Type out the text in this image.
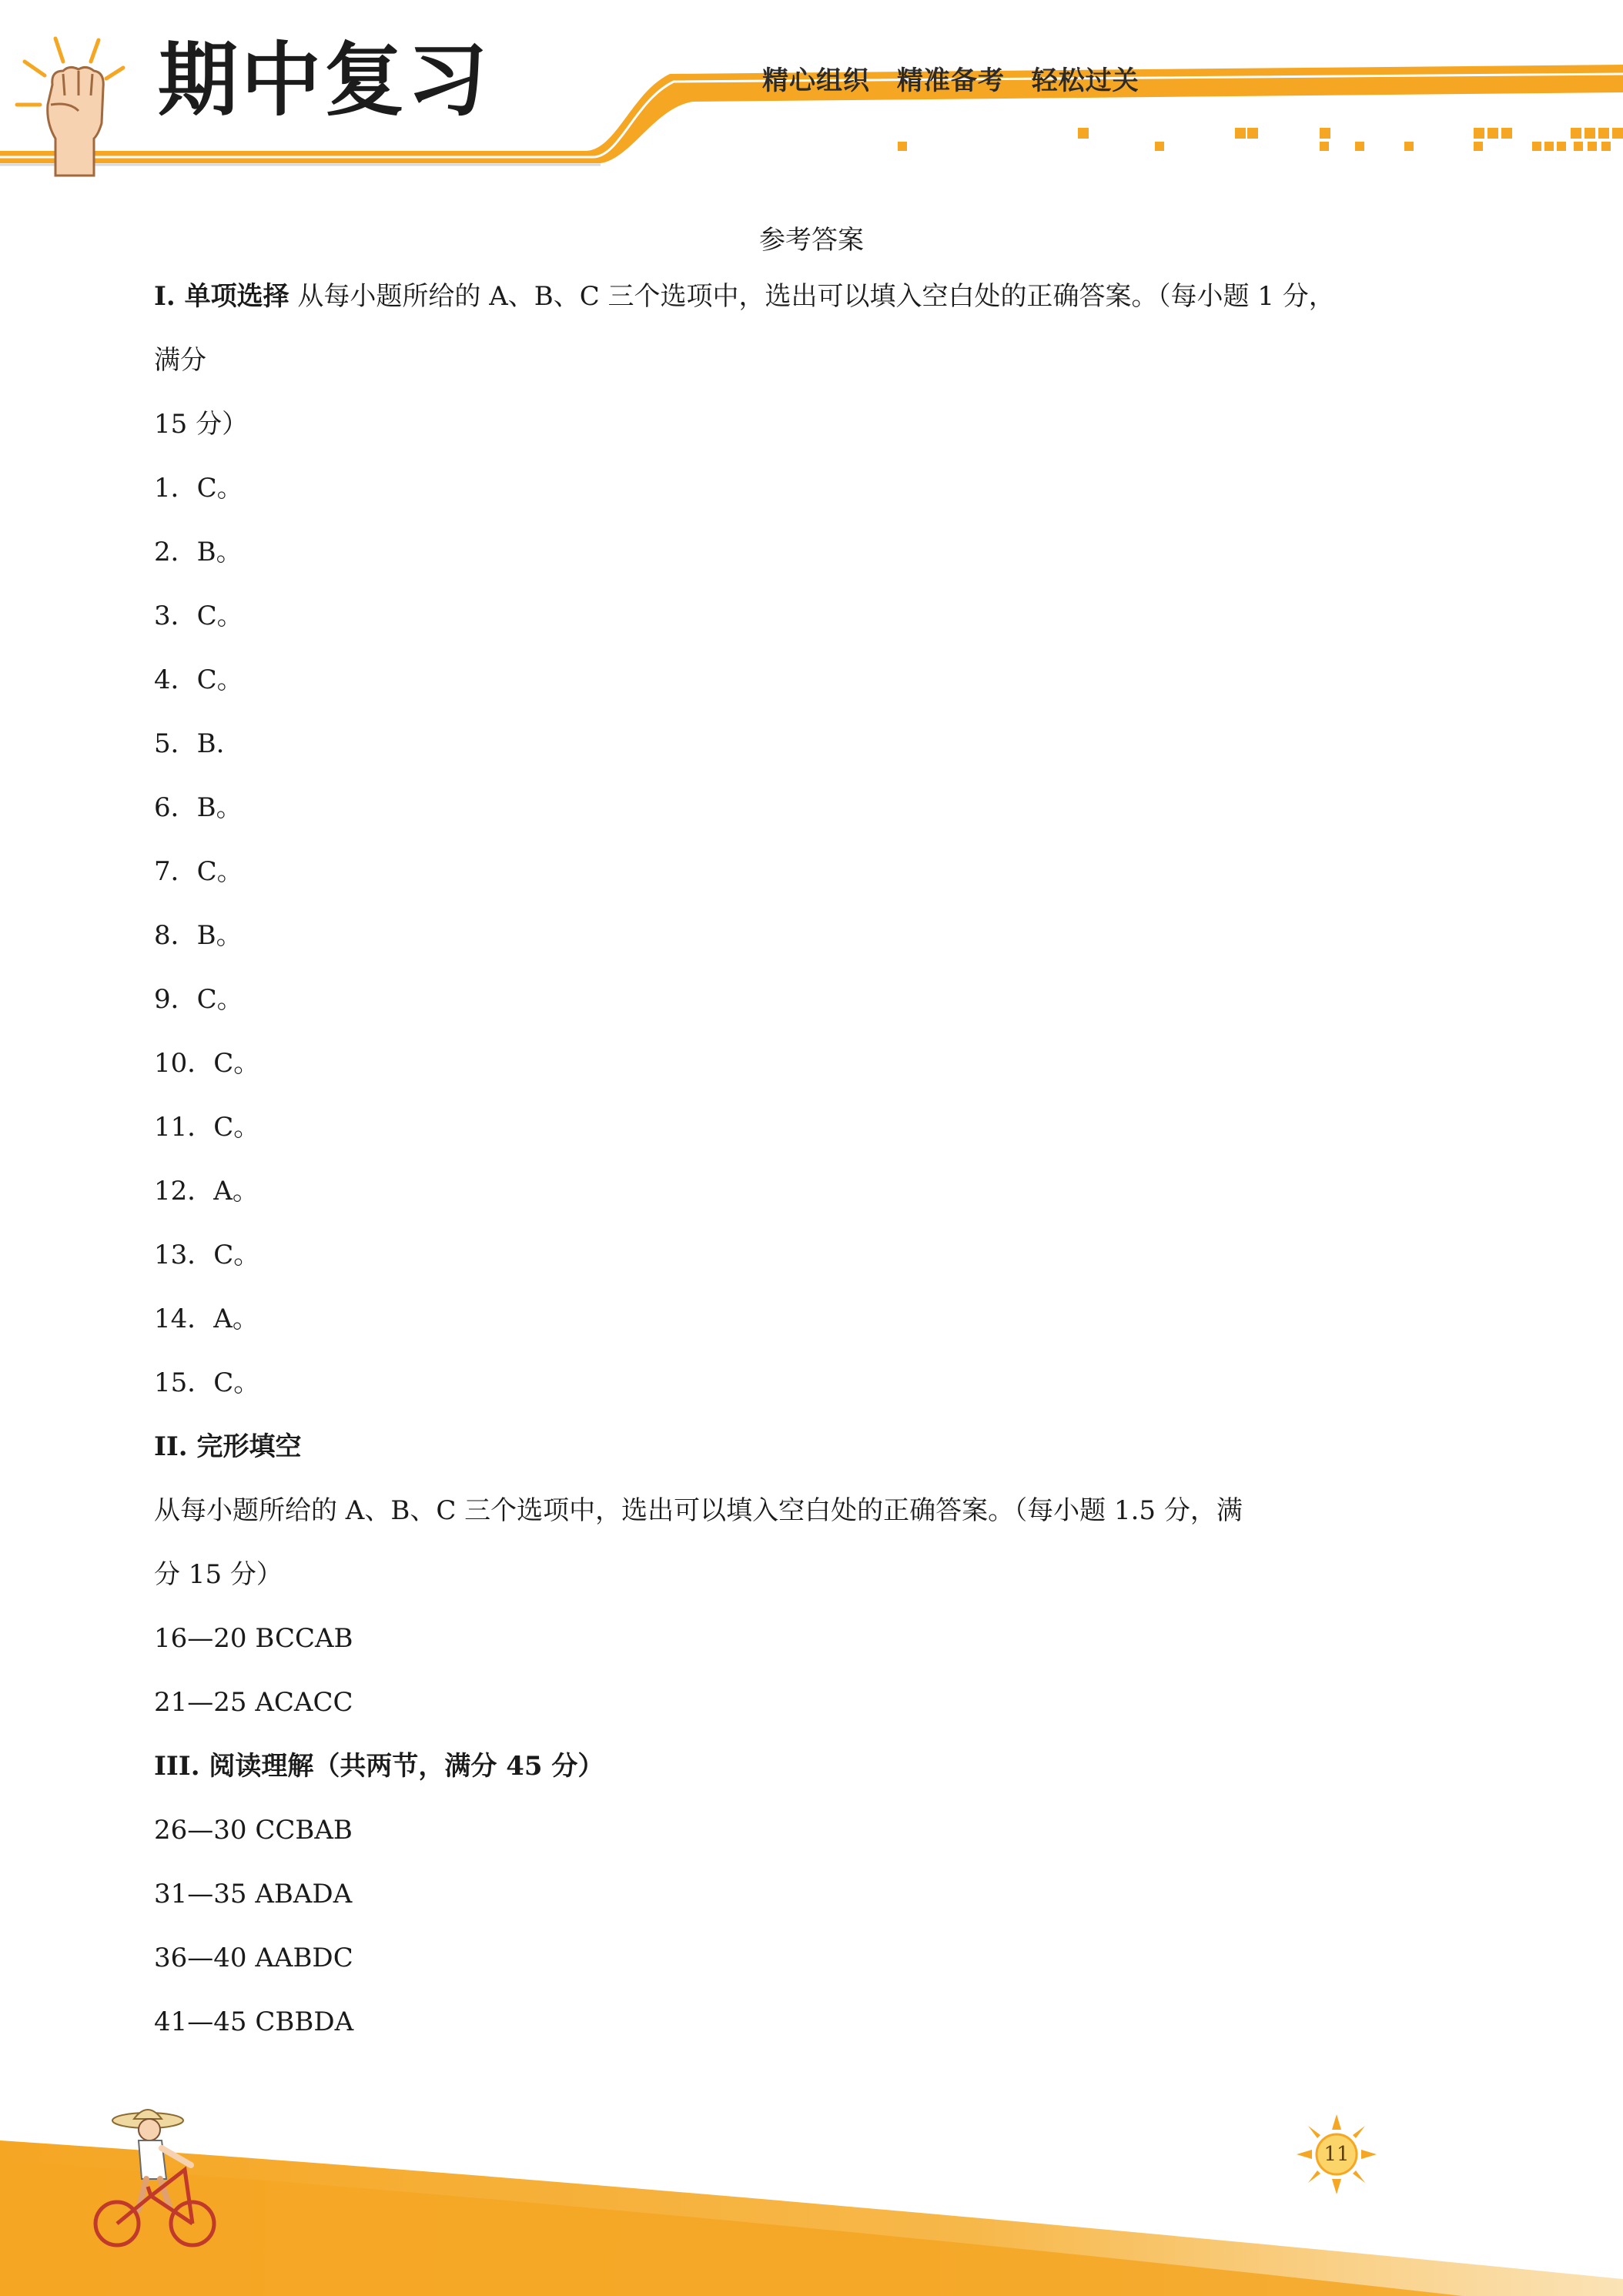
期中复习	精心组织 精准备考 轻松过关
参考答案
I. 单项选择 从每小题所给的 A、B、C 三个选项中，选出可以填入空白处的正确答案。（每小题 1 分，
满分
15 分）
1．C。
2．B。
3．C。
4．C。
5．B.
6．B。
7．C。
8．B。
9．C。
10．C。
11．C。
12．A。
13．C。
14．A。
15．C。
II. 完形填空
从每小题所给的 A、B、C 三个选项中，选出可以填入空白处的正确答案。（每小题 1.5 分，满
分 15 分）
16—20 BCCAB
21—25 ACACC
III. 阅读理解（共两节，满分 45 分）
26—30 CCBAB
31—35 ABADA
36—40 AABDC
41—45 CBBDA
11
